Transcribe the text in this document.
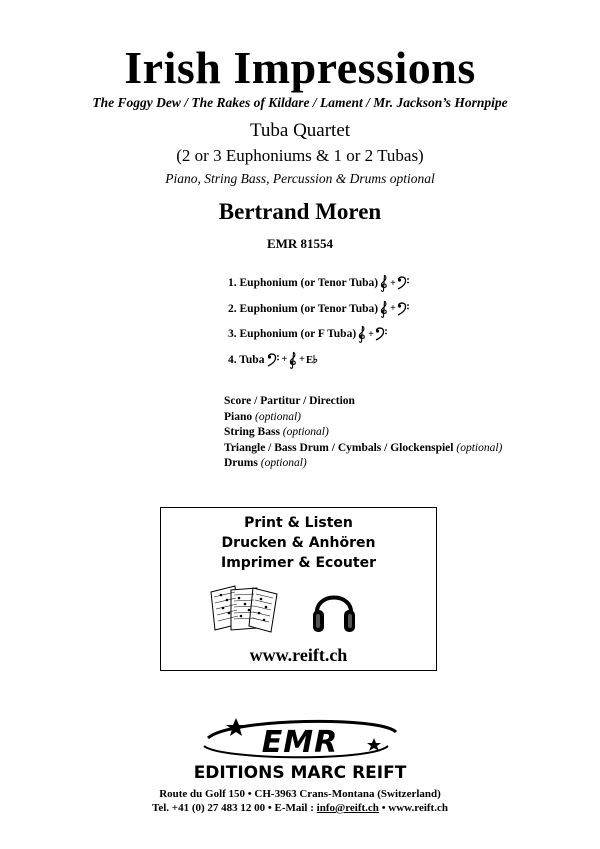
Irish Impressions
The Foggy Dew / The Rakes of Kildare / Lament / Mr. Jackson’s Hornpipe
Tuba Quartet
(2 or 3 Euphoniums & 1 or 2 Tubas)
Piano, String Bass, Percussion & Drums optional
Bertrand Moren
EMR 81554
1. Euphonium (or Tenor Tuba) +
2. Euphonium (or Tenor Tuba) +
3. Euphonium (or F Tuba) +
4. Tuba + + E
Score / Partitur / Direction
Piano (optional)
String Bass (optional)
Triangle / Bass Drum / Cymbals / Glockenspiel (optional)
Drums (optional)
Print & Listen
Drucken & Anhören
Imprimer & Ecouter
www.reift.ch
EMR
EDITIONS MARC REIFT
Route du Golf 150 • CH-3963 Crans-Montana (Switzerland)
Tel. +41 (0) 27 483 12 00 • E-Mail : info@reift.ch • www.reift.ch
